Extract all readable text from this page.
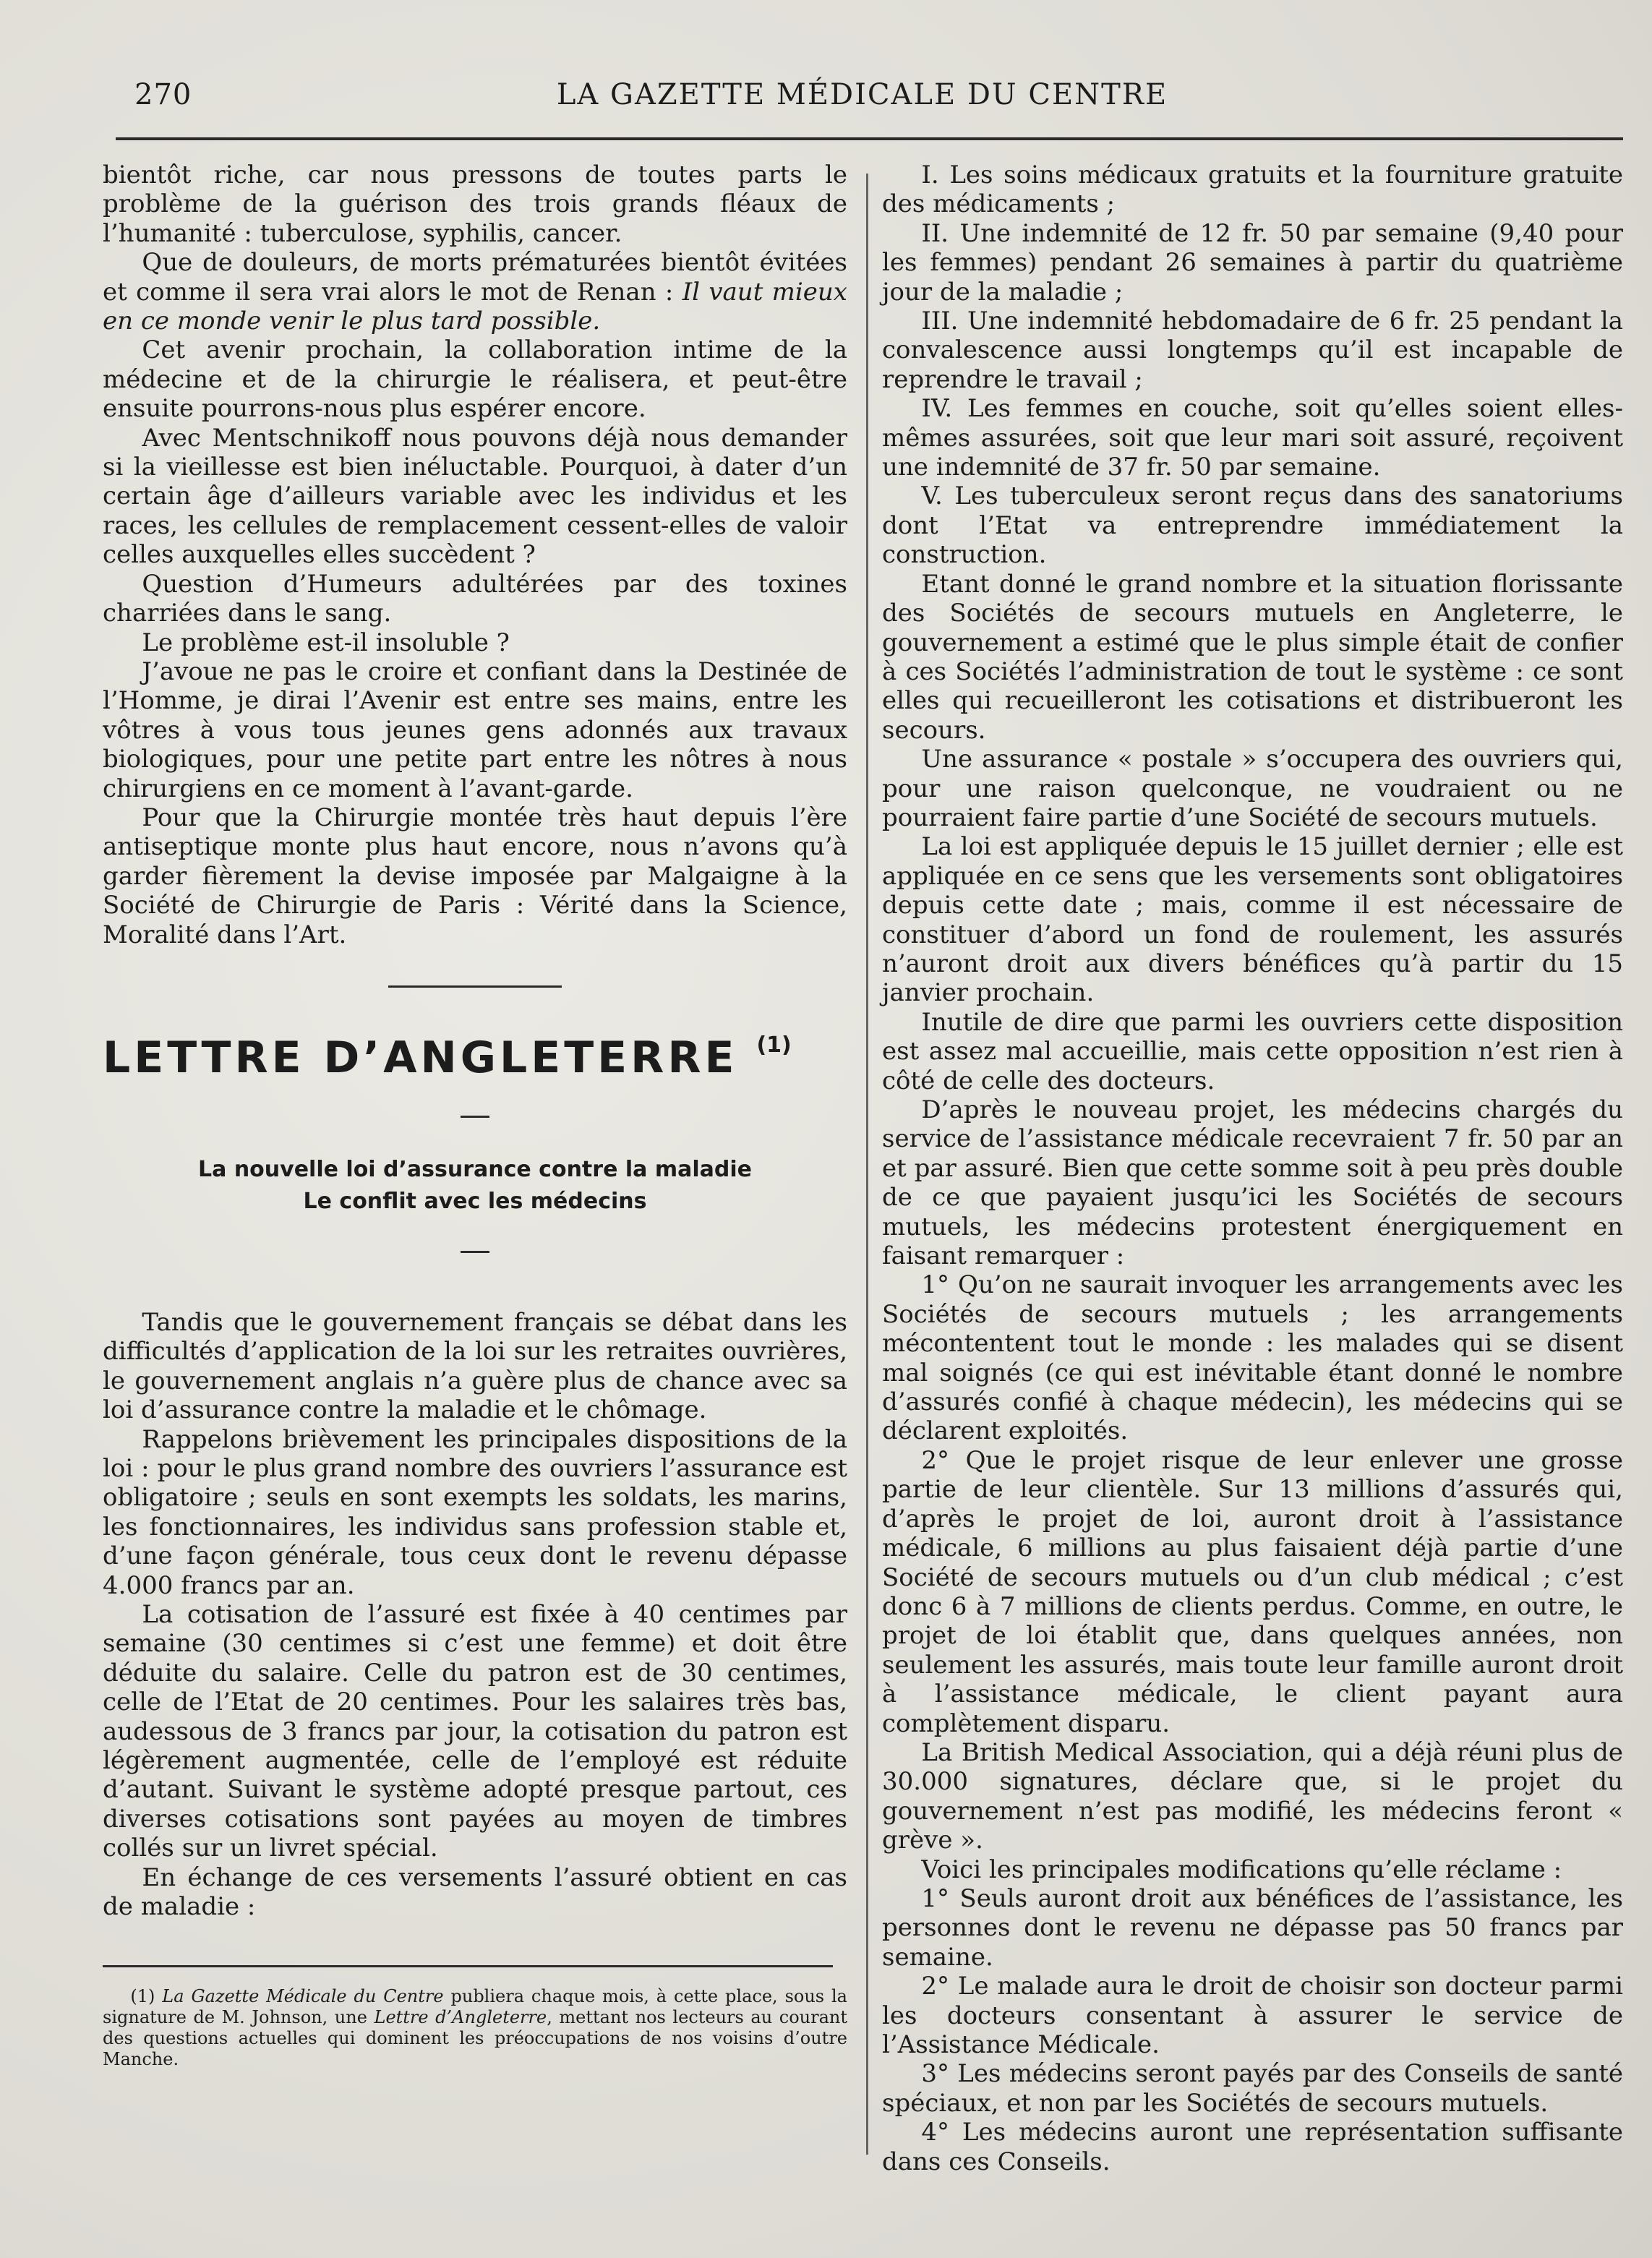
270	LA GAZETTE MÉDICALE DU CENTRE

bientôt riche, car nous pressons de toutes parts le problème de la guérison des trois grands fléaux de l’humanité : tuberculose, syphilis, cancer.

Que de douleurs, de morts prématurées bientôt évitées et comme il sera vrai alors le mot de Renan : Il vaut mieux en ce monde venir le plus tard possible.

Cet avenir prochain, la collaboration intime de la médecine et de la chirurgie le réalisera, et peut-être ensuite pourrons-nous plus espérer encore.

Avec Mentschnikoff nous pouvons déjà nous demander si la vieillesse est bien inéluctable. Pourquoi, à dater d’un certain âge d’ailleurs variable avec les individus et les races, les cellules de remplacement cessent-elles de valoir celles auxquelles elles succèdent ?

Question d’Humeurs adultérées par des toxines charriées dans le sang.

Le problème est-il insoluble ?

J’avoue ne pas le croire et confiant dans la Destinée de l’Homme, je dirai l’Avenir est entre ses mains, entre les vôtres à vous tous jeunes gens adonnés aux travaux biologiques, pour une petite part entre les nôtres à nous chirurgiens en ce moment à l’avant-garde.

Pour que la Chirurgie montée très haut depuis l’ère antiseptique monte plus haut encore, nous n’avons qu’à garder fièrement la devise imposée par Malgaigne à la Société de Chirurgie de Paris : Vérité dans la Science, Moralité dans l’Art.

LETTRE D’ANGLETERRE $^{(1)}$
La nouvelle loi d’assurance contre la maladie
Le conflit avec les médecins

Tandis que le gouvernement français se débat dans les difficultés d’application de la loi sur les retraites ouvrières, le gouvernement anglais n’a guère plus de chance avec sa loi d’assurance contre la maladie et le chômage.

Rappelons brièvement les principales dispositions de la loi : pour le plus grand nombre des ouvriers l’assurance est obligatoire ; seuls en sont exempts les soldats, les marins, les fonctionnaires, les individus sans profession stable et, d’une façon générale, tous ceux dont le revenu dépasse 4.000 francs par an.

La cotisation de l’assuré est fixée à 40 centimes par semaine (30 centimes si c’est une femme) et doit être déduite du salaire. Celle du patron est de 30 centimes, celle de l’Etat de 20 centimes. Pour les salaires très bas, audessous de 3 francs par jour, la cotisation du patron est légèrement augmentée, celle de l’employé est réduite d’autant. Suivant le système adopté presque partout, ces diverses cotisations sont payées au moyen de timbres collés sur un livret spécial.

En échange de ces versements l’assuré obtient en cas de maladie :

(1) La Gazette Médicale du Centre publiera chaque mois, à cette place, sous la signature de M. Johnson, une Lettre d’Angleterre, mettant nos lecteurs au courant des questions actuelles qui dominent les préoccupations de nos voisins d’outre Manche.

I. Les soins médicaux gratuits et la fourniture gratuite des médicaments ;

II. Une indemnité de 12 fr. 50 par semaine (9,40 pour les femmes) pendant 26 semaines à partir du quatrième jour de la maladie ;

III. Une indemnité hebdomadaire de 6 fr. 25 pendant la convalescence aussi longtemps qu’il est incapable de reprendre le travail ;

IV. Les femmes en couche, soit qu’elles soient elles-mêmes assurées, soit que leur mari soit assuré, reçoivent une indemnité de 37 fr. 50 par semaine.

V. Les tuberculeux seront reçus dans des sanatoriums dont l’Etat va entreprendre immédiatement la construction.

Etant donné le grand nombre et la situation florissante des Sociétés de secours mutuels en Angleterre, le gouvernement a estimé que le plus simple était de confier à ces Sociétés l’administration de tout le système : ce sont elles qui recueilleront les cotisations et distribueront les secours.

Une assurance « postale » s’occupera des ouvriers qui, pour une raison quelconque, ne voudraient ou ne pourraient faire partie d’une Société de secours mutuels.

La loi est appliquée depuis le 15 juillet dernier ; elle est appliquée en ce sens que les versements sont obligatoires depuis cette date ; mais, comme il est nécessaire de constituer d’abord un fond de roulement, les assurés n’auront droit aux divers bénéfices qu’à partir du 15 janvier prochain.

Inutile de dire que parmi les ouvriers cette disposition est assez mal accueillie, mais cette opposition n’est rien à côté de celle des docteurs.

D’après le nouveau projet, les médecins chargés du service de l’assistance médicale recevraient 7 fr. 50 par an et par assuré. Bien que cette somme soit à peu près double de ce que payaient jusqu’ici les Sociétés de secours mutuels, les médecins protestent énergiquement en faisant remarquer :

1° Qu’on ne saurait invoquer les arrangements avec les Sociétés de secours mutuels ; les arrangements mécontentent tout le monde : les malades qui se disent mal soignés (ce qui est inévitable étant donné le nombre d’assurés confié à chaque médecin), les médecins qui se déclarent exploités.

2° Que le projet risque de leur enlever une grosse partie de leur clientèle. Sur 13 millions d’assurés qui, d’après le projet de loi, auront droit à l’assistance médicale, 6 millions au plus faisaient déjà partie d’une Société de secours mutuels ou d’un club médical ; c’est donc 6 à 7 millions de clients perdus. Comme, en outre, le projet de loi établit que, dans quelques années, non seulement les assurés, mais toute leur famille auront droit à l’assistance médicale, le client payant aura complètement disparu.

La British Medical Association, qui a déjà réuni plus de 30.000 signatures, déclare que, si le projet du gouvernement n’est pas modifié, les médecins feront « grève ».

Voici les principales modifications qu’elle réclame :

1° Seuls auront droit aux bénéfices de l’assistance, les personnes dont le revenu ne dépasse pas 50 francs par semaine.

2° Le malade aura le droit de choisir son docteur parmi les docteurs consentant à assurer le service de l’Assistance Médicale.

3° Les médecins seront payés par des Conseils de santé spéciaux, et non par les Sociétés de secours mutuels.

4° Les médecins auront une représentation suffisante dans ces Conseils.
